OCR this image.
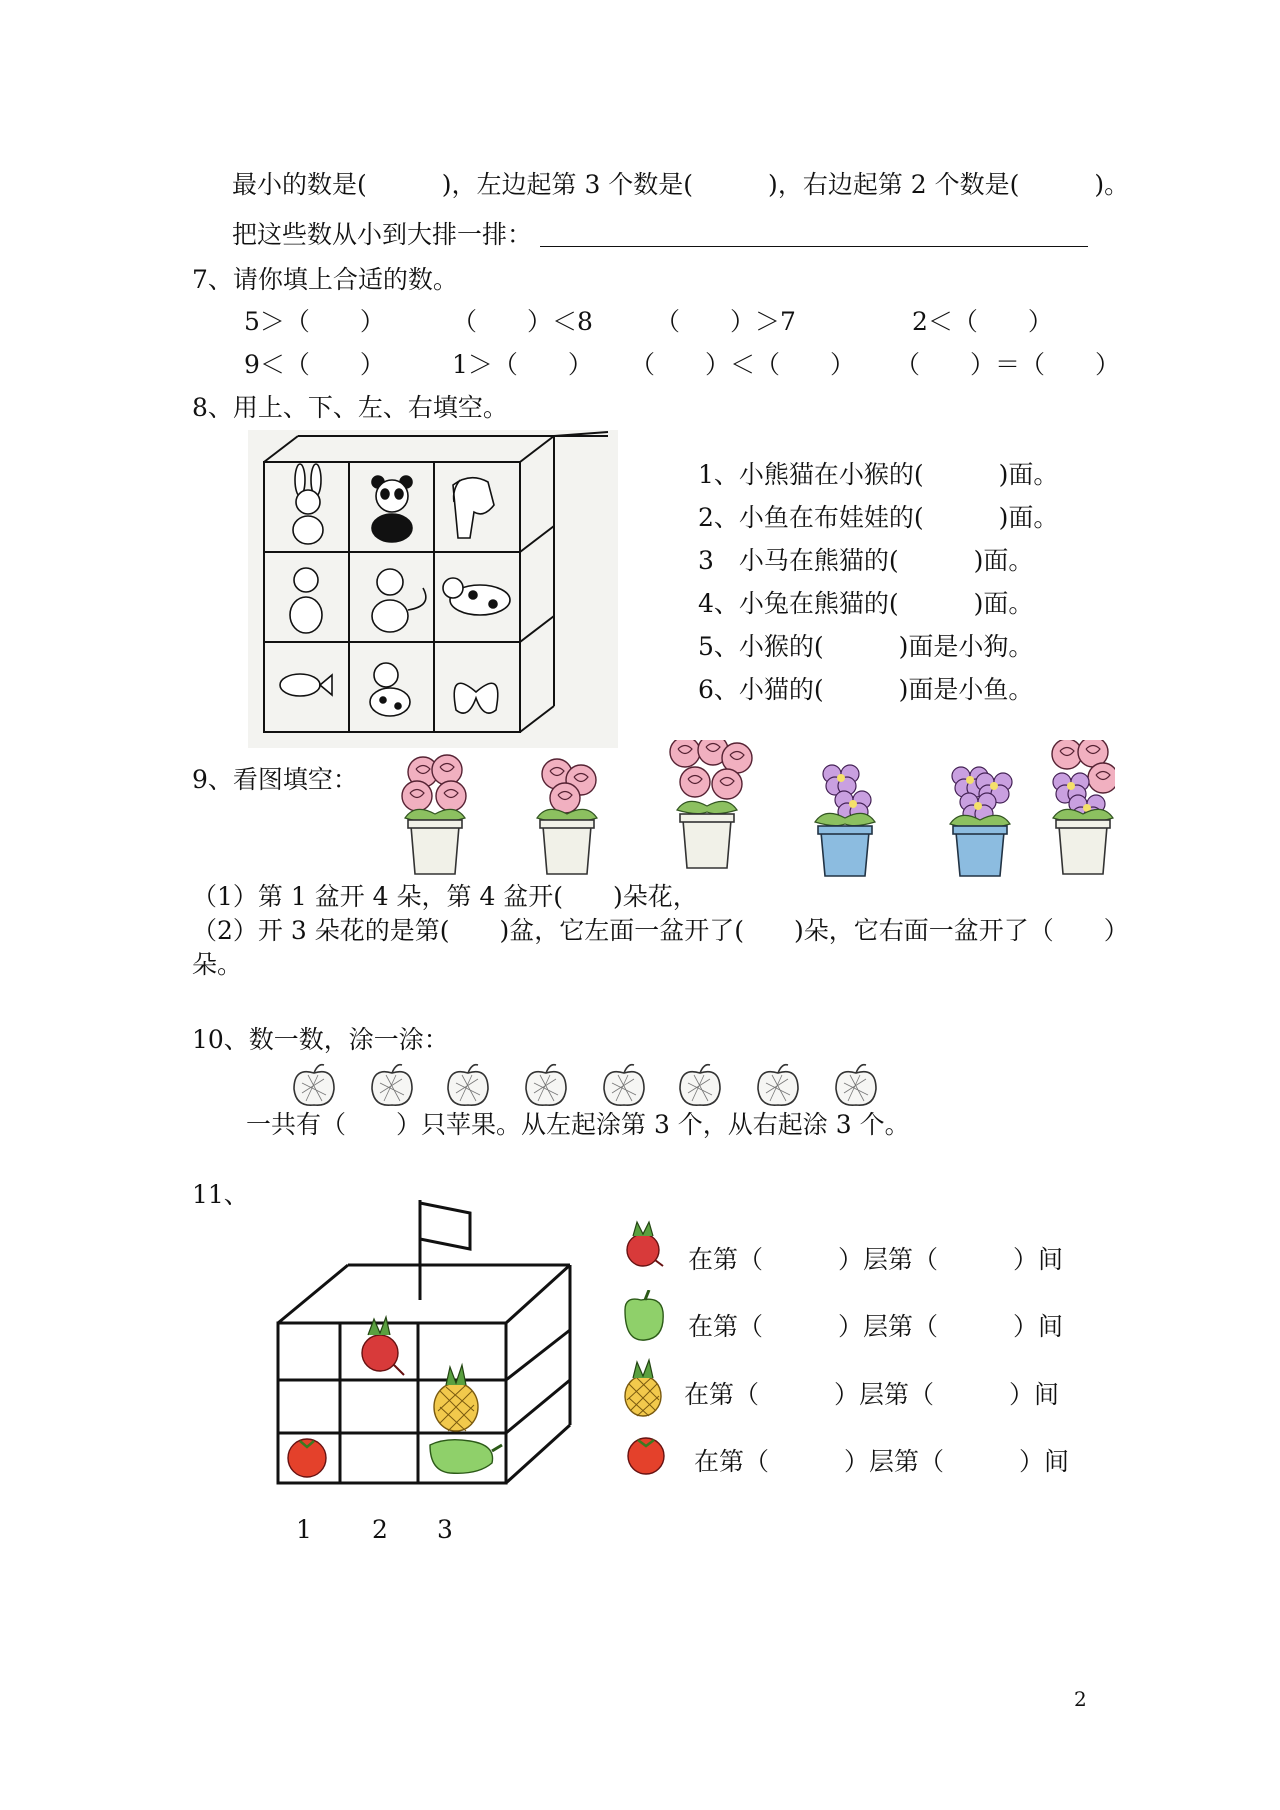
最小的数是(　　　)，左边起第 3 个数是(　　　)，右边起第 2 个数是(　　　)。
把这些数从小到大排一排：
7、请你填上合适的数。
5＞（　　）	（　　）＜8 （　　）＞7	2＜（　　）
9＜（　　）	1＞（　　） （　　）＜（　　） （　　）＝（　　）
8、用上、下、左、右填空。
1、小熊猫在小猴的(　　　)面。
2、小鱼在布娃娃的(　　　)面。
3　小马在熊猫的(　　　)面。
4、小兔在熊猫的(　　　)面。
5、小猴的(　　　)面是小狗。
6、小猫的(　　　)面是小鱼。
9、看图填空：
（1）第 1 盆开 4 朵，第 4 盆开(　　)朵花，
（2）开 3 朵花的是第(　　)盆，它左面一盆开了(　　)朵，它右面一盆开了（　　）
朵。
10、数一数，涂一涂：
一共有（　　）只苹果。从左起涂第 3 个，从右起涂 3 个。
11、
1 2 3
在第（　　　）层第（　　　）间
在第（　　　）层第（　　　）间
在第（　　　）层第（　　　）间
在第（　　　）层第（　　　）间
2
